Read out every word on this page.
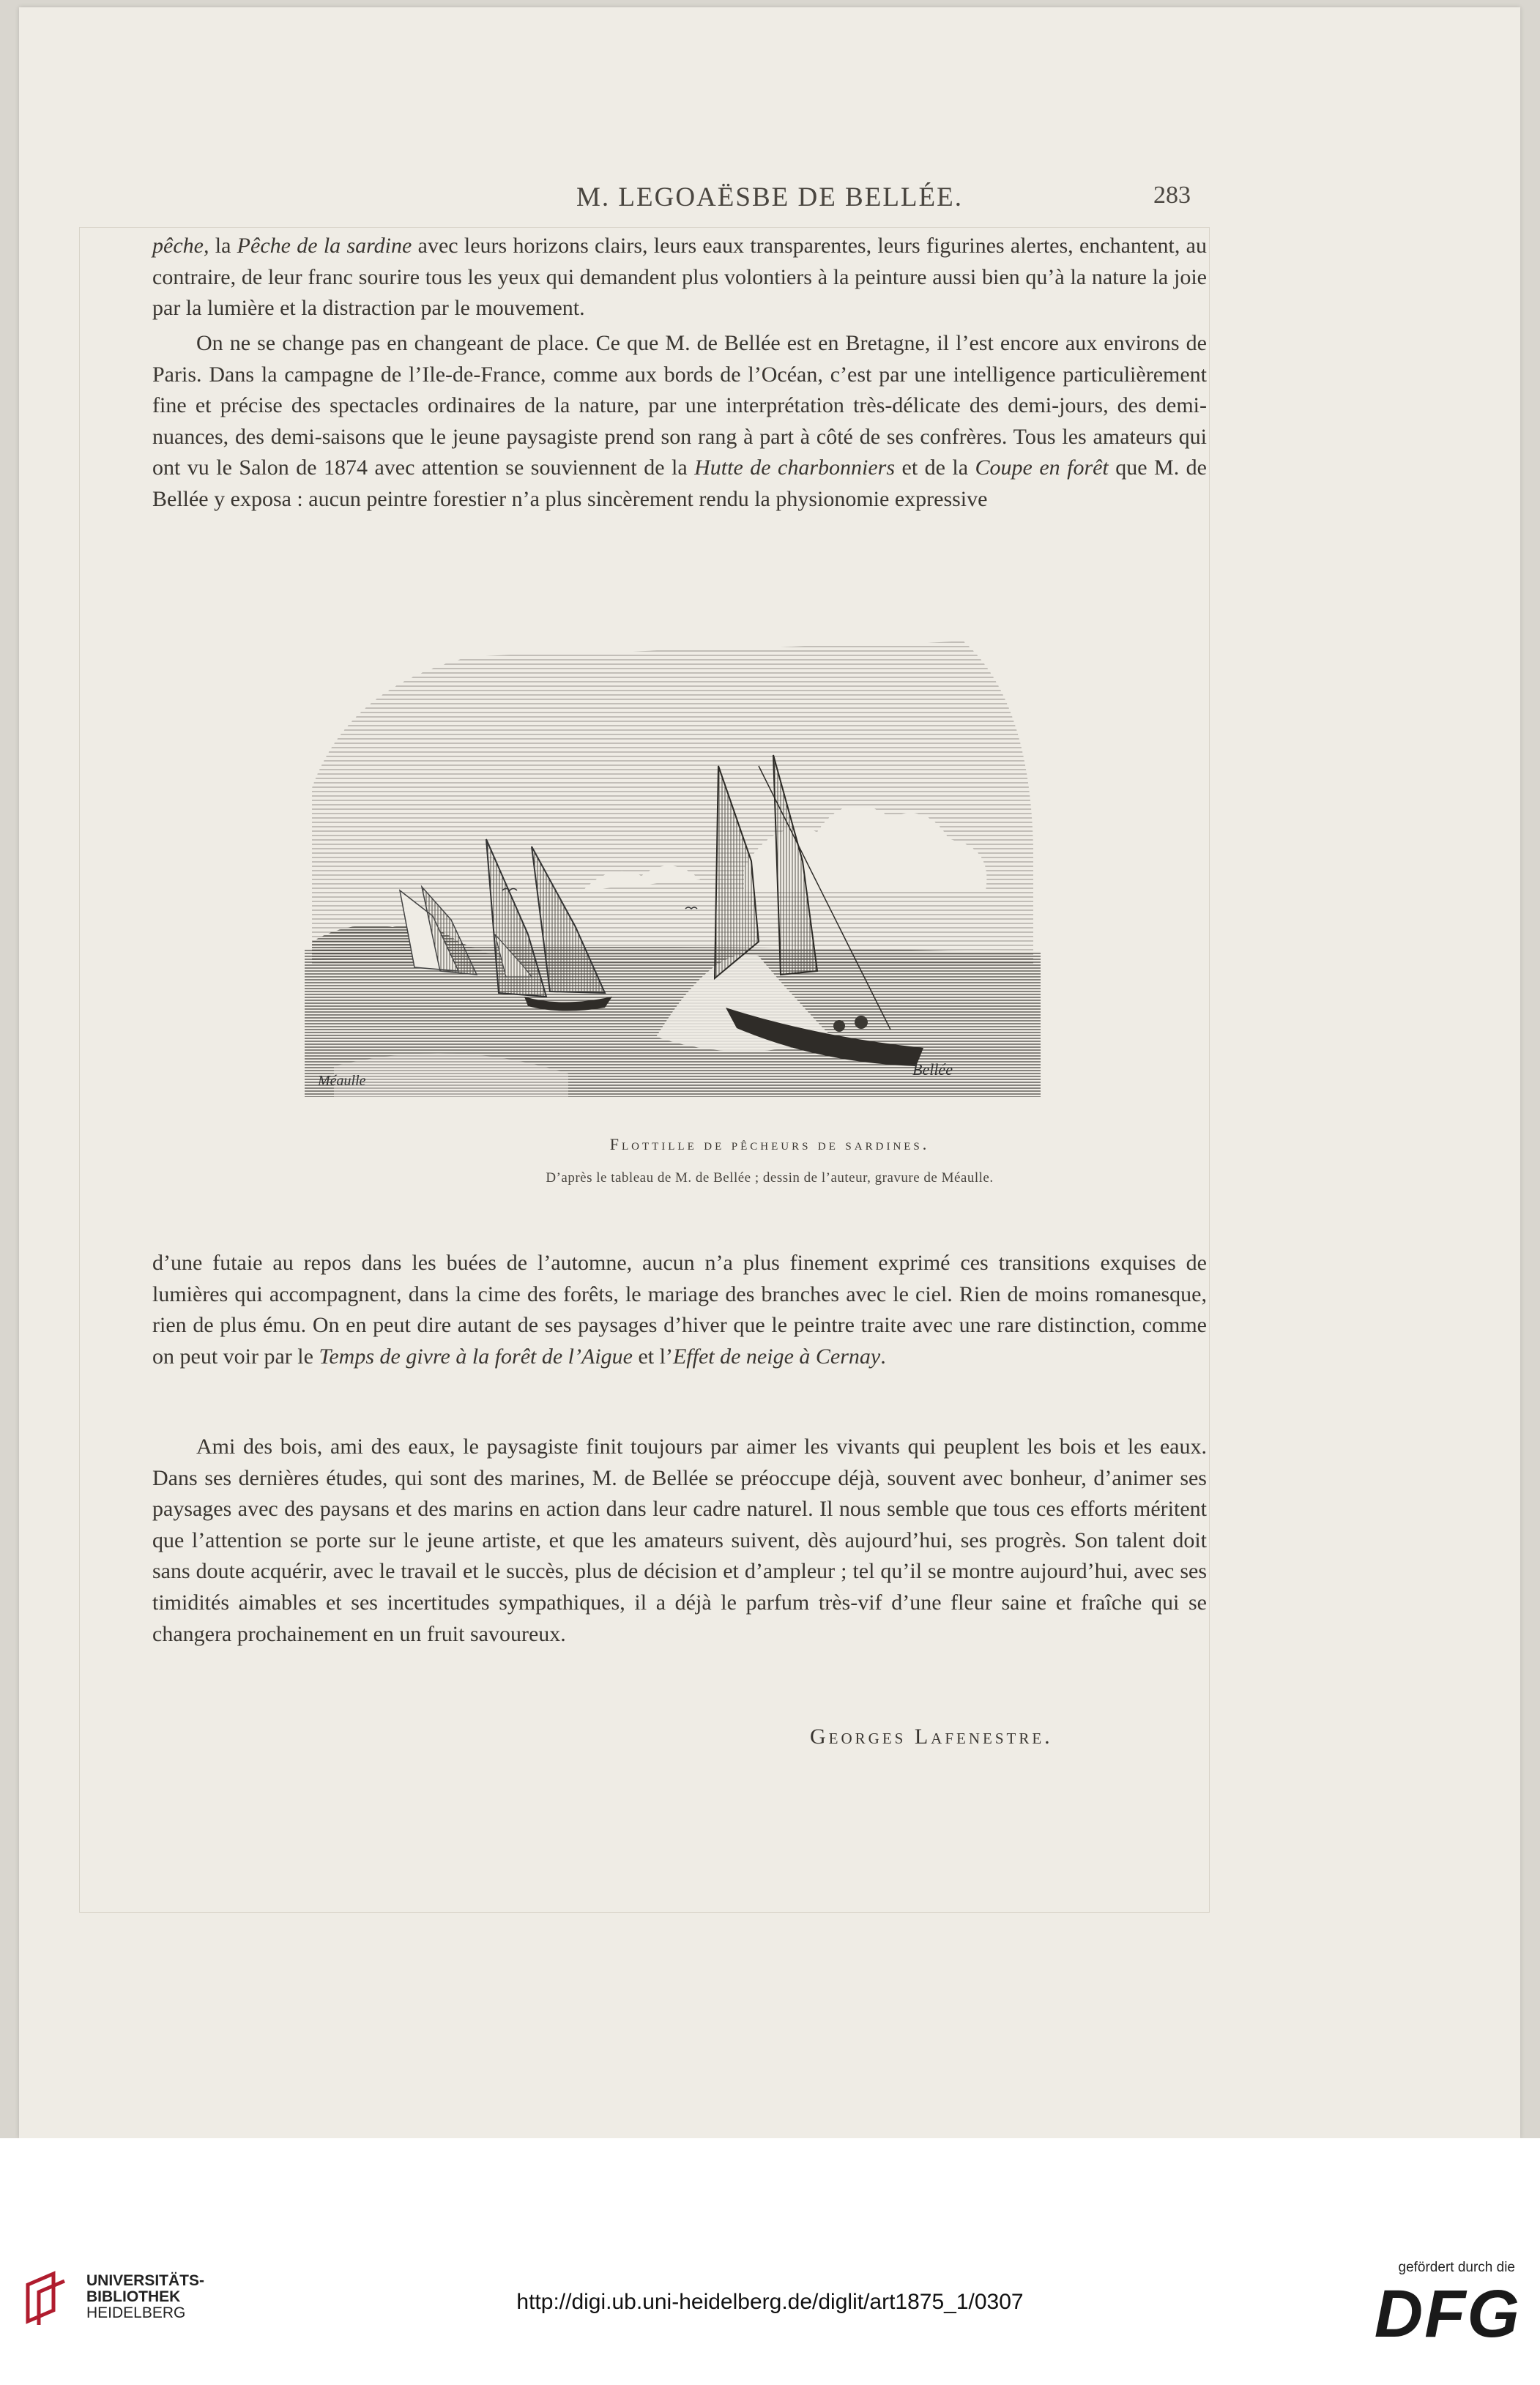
M. LEGOAËSBE DE BELLÉE.	283

pêche, la Pêche de la sardine avec leurs horizons clairs, leurs eaux transparentes, leurs figurines alertes, enchantent, au contraire, de leur franc sourire tous les yeux qui demandent plus volontiers à la peinture aussi bien qu’à la nature la joie par la lumière et la distraction par le mouvement.

On ne se change pas en changeant de place. Ce que M. de Bellée est en Bretagne, il l’est encore aux environs de Paris. Dans la campagne de l’Ile-de-France, comme aux bords de l’Océan, c’est par une intelligence particulièrement fine et précise des spectacles ordinaires de la nature, par une interprétation très-délicate des demi-jours, des demi-nuances, des demi-saisons que le jeune paysagiste prend son rang à part à côté de ses confrères. Tous les amateurs qui ont vu le Salon de 1874 avec attention se souviennent de la Hutte de charbonniers et de la Coupe en forêt que M. de Bellée y exposa : aucun peintre forestier n’a plus sincèrement rendu la physionomie expressive

Méaulle
Bellée
Flottille de pêcheurs de sardines.
D’après le tableau de M. de Bellée ; dessin de l’auteur, gravure de Méaulle.

d’une futaie au repos dans les buées de l’automne, aucun n’a plus finement exprimé ces transitions exquises de lumières qui accompagnent, dans la cime des forêts, le mariage des branches avec le ciel. Rien de moins romanesque, rien de plus ému. On en peut dire autant de ses paysages d’hiver que le peintre traite avec une rare distinction, comme on peut voir par le Temps de givre à la forêt de l’Aigue et l’Effet de neige à Cernay.

Ami des bois, ami des eaux, le paysagiste finit toujours par aimer les vivants qui peuplent les bois et les eaux. Dans ses dernières études, qui sont des marines, M. de Bellée se préoccupe déjà, souvent avec bonheur, d’animer ses paysages avec des paysans et des marins en action dans leur cadre naturel. Il nous semble que tous ces efforts méritent que l’attention se porte sur le jeune artiste, et que les amateurs suivent, dès aujourd’hui, ses progrès. Son talent doit sans doute acquérir, avec le travail et le succès, plus de décision et d’ampleur ; tel qu’il se montre aujourd’hui, avec ses timidités aimables et ses incertitudes sympathiques, il a déjà le parfum très-vif d’une fleur saine et fraîche qui se changera prochainement en un fruit savoureux.

Georges Lafenestre.
UNIVERSITÄTS-
BIBLIOTHEK
HEIDELBERG	http://digi.ub.uni-heidelberg.de/diglit/art1875_1/0307
gefördert durch die
DFG
